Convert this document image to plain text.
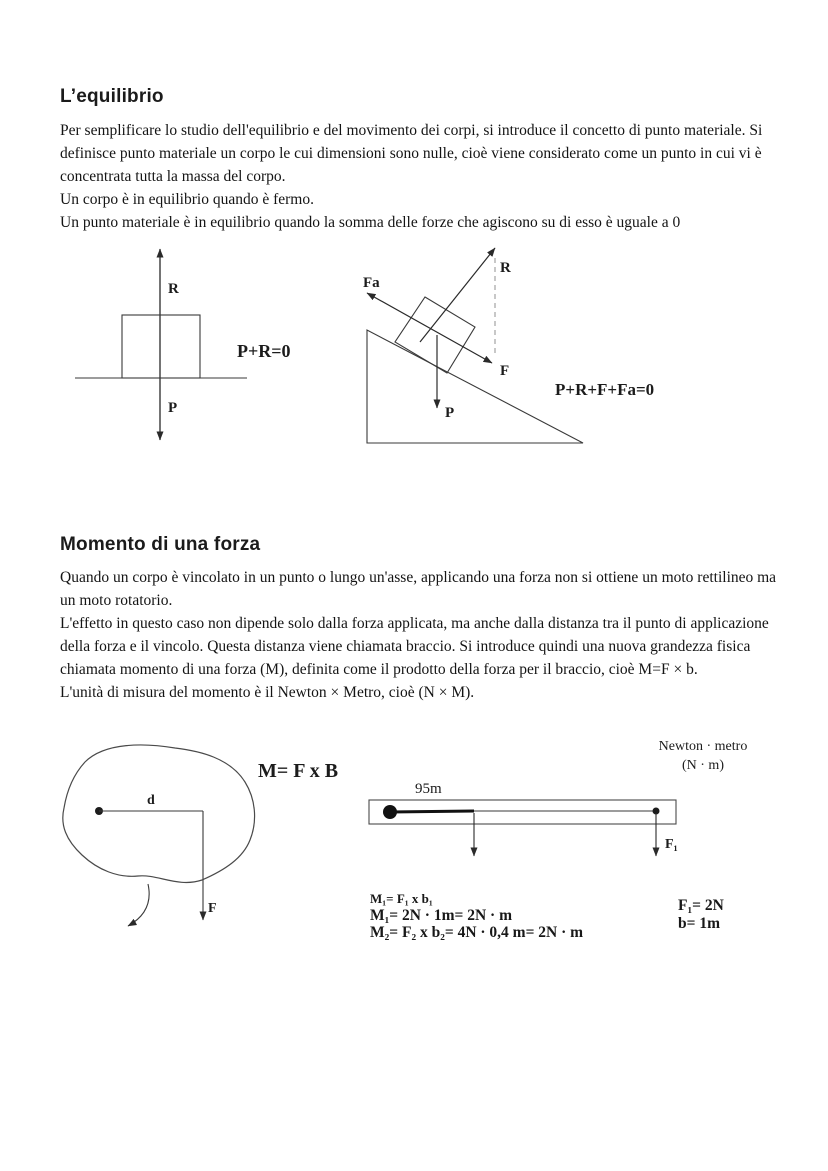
L’equilibrio

Per semplificare lo studio dell'equilibrio e del movimento dei corpi, si introduce il concetto di punto materiale. Si definisce punto materiale un corpo le cui dimensioni sono nulle, cioè viene considerato come un punto in cui vi è concentrata tutta la massa del corpo.

Un corpo è in equilibrio quando è fermo.

Un punto materiale è in equilibrio quando la somma delle forze che agiscono su di esso è uguale a 0

R
P
P+R=0
Fa
R
F
P
P+R+F+Fa=0
Momento di una forza

Quando un corpo è vincolato in un punto o lungo un'asse, applicando una forza non si ottiene un moto rettilineo ma un moto rotatorio.

L'effetto in questo caso non dipende solo dalla forza applicata, ma anche dalla distanza tra il punto di applicazione della forza e il vincolo. Questa distanza viene chiamata braccio. Si introduce quindi una nuova grandezza fisica chiamata momento di una forza (M), definita come il prodotto della forza per il braccio, cioè M=F × b.

L'unità di misura del momento è il Newton × Metro, cioè (N × M).

d
F
M= F x B
Newton · metro
(N · m)
95m
F₁

M₁= F₁ x b₁

M₁= 2N · 1m= 2N · m

M₂= F₂ x b₂= 4N · 0,4 m= 2N · m

F₁= 2N

b= 1m
